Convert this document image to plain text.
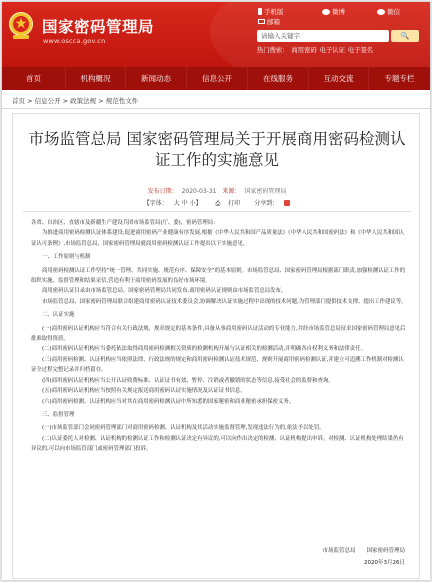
国家密码管理局
www.oscca.gov.cn
手机版	微博	微信
邮箱
请输入关键字	🔍
热门搜索： 商用密码 电子认证 电子签名
首页	机构概况	新闻动态	信息公开	在线服务	互动交流	专题专栏
首页 > 信息公开 > 政策法规 > 规范性文件
市场监管总局 国家密码管理局关于开展商用密码检测认证工作的实施意见
发布日期： 2020-03-31 来源： 国家密码管理局
【字体： 大 中 小】 ⎙ 打印 分享到：

各省、自治区、直辖市及新疆生产建设兵团市场监管局(厅、委)，密码管理局：

为推进商用密码检测认证体系建设,促进商用密码产业健康有序发展,根据《中华人民共和国产品质量法》《中华人民共和国密码法》和《中华人民共和国认证认可条例》,市场监管总局、国家密码管理局就商用密码检测认证工作提出以下实施意见。

一、工作原则与机制

商用密码检测认证工作坚持“统一管理、共同实施、规范有序、保障安全”的基本原则。市场监管总局、国家密码管理局根据部门职责,加强检测认证工作的组织实施、监督管理和结果采信,营造有利于商用密码发展的良好市场环境。

商用密码认证目录由市场监管总局、国家密码管理局共同发布,商用密码认证规则由市场监管总局发布。

市场监管总局、国家密码管理局联合组建商用密码认证技术委员会,协调解决认证实施过程中出现的技术问题,为管理部门提供技术支撑、提出工作建议等。

二、认证实施

(一)商用密码认证机构应当符合有关行政法规、规章规定的基本条件,具备从事商用密码认证活动的专业能力,并经市场监管总局征求国家密码管理局意见后批准取得资质。

(二)商用密码认证机构应当委托依法取得商用密码检测相关资质的检测机构开展与认证相关的检测活动,并明确各自权利义务和法律责任。

(三)商用密码检测、认证机构应当依照法律、行政法规的规定和商用密码检测认证技术规范、规则开展商用密码检测认证,并建立可追溯工作机制对检测认证全过程完整记录并归档留存。

(四)商用密码认证机构应当公开认证收费标准、认证证书有效、暂停、注销或者撤销的状态等信息,接受社会的监督和查询。

(五)商用密码认证机构应当按照有关规定报送商用密码认证实施情况及认证证书信息。

(六)商用密码检测、认证机构应当对其在商用密码检测认证中所知悉的国家秘密和商业秘密承担保密义务。

三、监督管理

(一)市场监管部门会同密码管理部门对商用密码检测、认证机构及其活动实施监督管理,发现违法行为的,依法予以处罚。

(二)认证委托人对检测、认证机构的检测认证工作和检测认证决定有异议的,可以向作出决定的检测、认证机构提出申诉。对检测、认证机构处理结果仍有异议的,可以向市场监管部门或密码管理部门投诉。

市场监管总局　　国家密码管理局
2020年3月26日
